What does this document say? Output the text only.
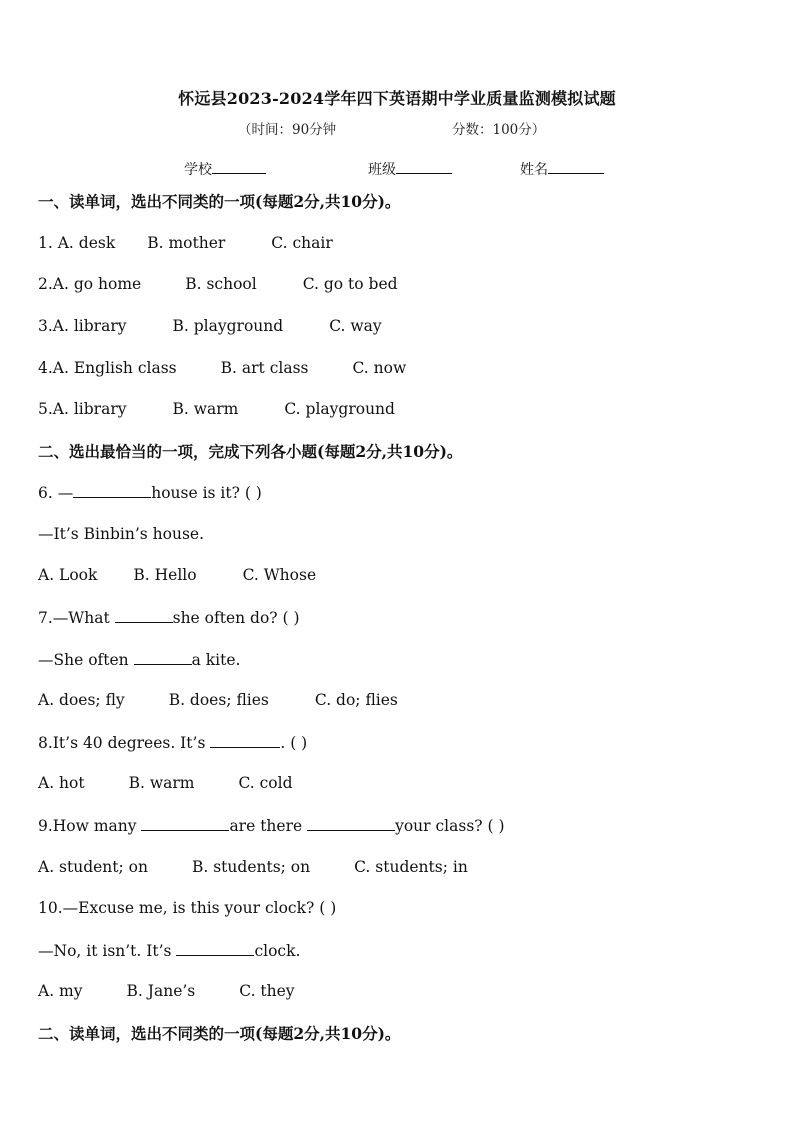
怀远县2023-2024学年四下英语期中学业质量监测模拟试题
（时间：90分钟	分数：100分）
学校	班级	姓名
一、读单词，选出不同类的一项(每题2分,共10分)。
1. A. desk B. mother	C. chair
2.A. go home	B. school	C. go to bed
3.A. library	B. playground	C. way
4.A. English class	B. art class	C. now
5.A. library	B. warm	C. playground
二、选出最恰当的一项，完成下列各小题(每题2分,共10分)。
6. —	house is it? ( )
—It’s Binbin’s house.
A. Look B. Hello	C. Whose
7.—What	she often do? ( )
—She often	a kite.
A. does; fly	B. does; flies	C. do; flies
8.It’s 40 degrees. It’s	. ( )
A. hot	B. warm	C. cold
9.How many	are there	your class? ( )
A. student; on	B. students; on	C. students; in
10.—Excuse me, is this your clock? ( )
—No, it isn’t. It’s	clock.
A. my	B. Jane’s	C. they
二、读单词，选出不同类的一项(每题2分,共10分)。
